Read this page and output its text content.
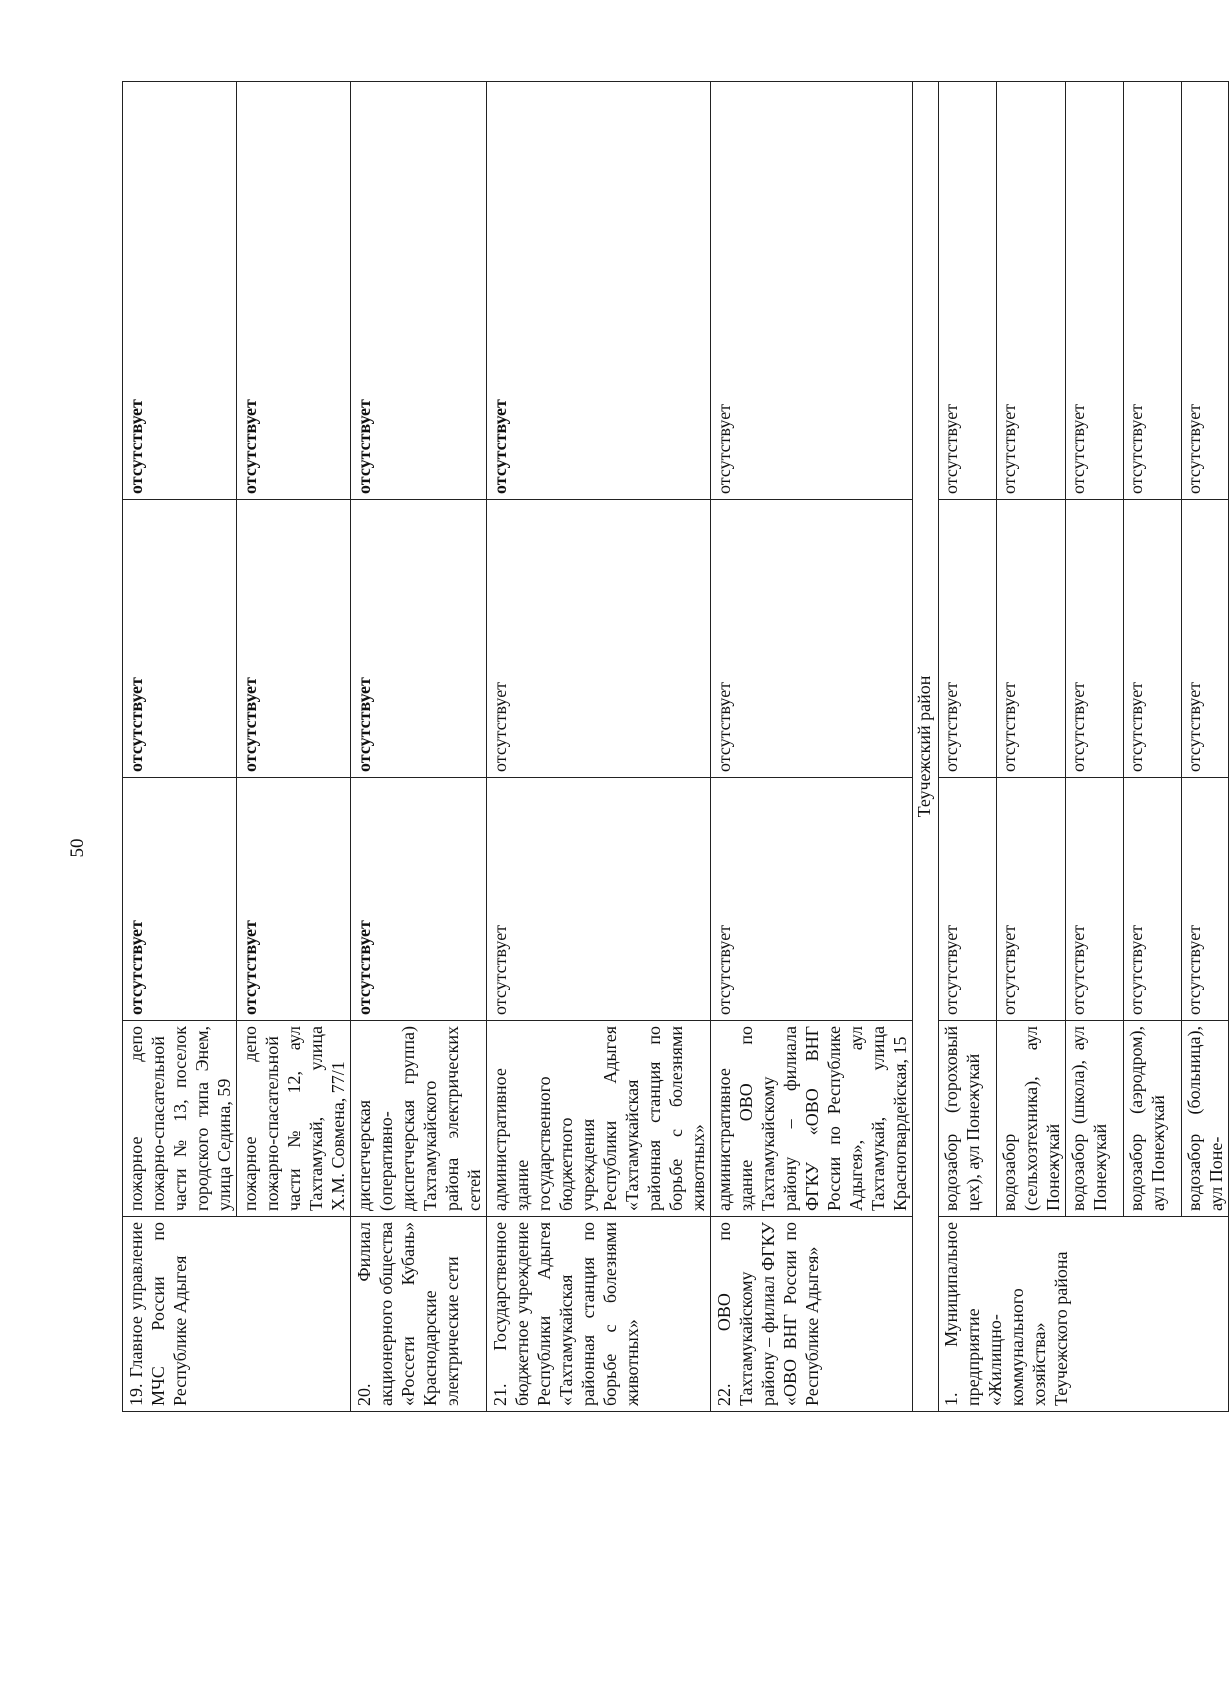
50
19. Главное управление МЧС России по Республике Адыгея	пожарное депо пожарно-спасательной части № 13, поселок городского типа Энем, улица Седина, 59	отсутствует	отсутствует	отсутствует
	пожарное депо пожарно-спасательной части № 12, аул Тахтамукай, улица Х.М. Совмена, 77/1	отсутствует	отсутствует	отсутствует
20. Филиал акционерного общества «Россети Кубань» Краснодарские электрические сети	диспетчерская (оперативно-диспетчерская группа) Тахтамукайского района электрических сетей	отсутствует	отсутствует	отсутствует
21. Государственное бюджетное учреждение Республики Адыгея «Тахтамукайская районная станция по борьбе с болезнями животных»	административное здание государственного бюджетного учреждения Республики Адыгея «Тахтамукайская районная станция по борьбе с болезнями животных»	отсутствует	отсутствует	отсутствует
22. ОВО по Тахтамукайскому району – филиал ФГКУ «ОВО ВНГ России по Республике Адыгея»	административное здание ОВО по Тахтамукайскому району – филиала ФГКУ «ОВО ВНГ России по Республике Адыгея», аул Тахтамукай, улица Красногвардейская, 15	отсутствует	отсутствует	отсутствует
Теучежский район				
1. Муниципальное предприятие «Жилищно-коммунального хозяйства» Теучежского района	водозабор (гороховый цех), аул Понежукай	отсутствует	отсутствует	отсутствует
	водозабор (сельхозтехника), аул Понежукай	отсутствует	отсутствует	отсутствует
	водозабор (школа), аул Понежукай	отсутствует	отсутствует	отсутствует
	водозабор (аэродром), аул Понежукай	отсутствует	отсутствует	отсутствует
	водозабор (больница), аул Поне-	отсутствует	отсутствует	отсутствует
